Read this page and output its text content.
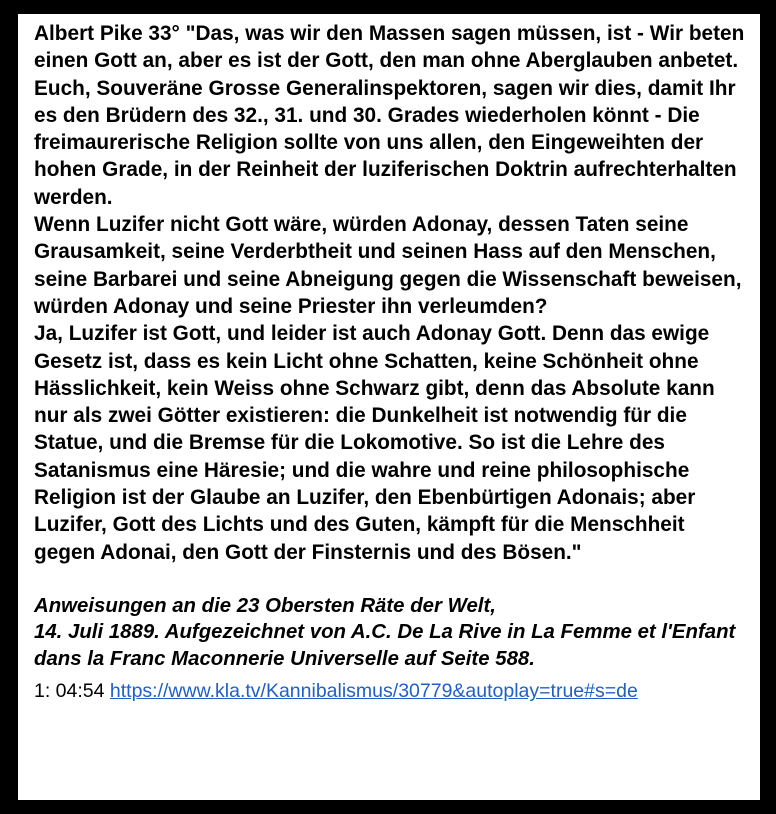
Albert Pike 33° "Das, was wir den Massen sagen müssen, ist - Wir beten einen Gott an, aber es ist der Gott, den man ohne Aberglauben anbetet. Euch, Souveräne Grosse Generalinspektoren, sagen wir dies, damit Ihr es den Brüdern des 32., 31. und 30. Grades wiederholen könnt - Die freimaurerische Religion sollte von uns allen, den Eingeweihten der hohen Grade, in der Reinheit der luziferischen Doktrin aufrechterhalten werden.

Wenn Luzifer nicht Gott wäre, würden Adonay, dessen Taten seine Grausamkeit, seine Verderbtheit und seinen Hass auf den Menschen, seine Barbarei und seine Abneigung gegen die Wissenschaft beweisen, würden Adonay und seine Priester ihn verleumden?

Ja, Luzifer ist Gott, und leider ist auch Adonay Gott. Denn das ewige Gesetz ist, dass es kein Licht ohne Schatten, keine Schönheit ohne Hässlichkeit, kein Weiss ohne Schwarz gibt, denn das Absolute kann nur als zwei Götter existieren: die Dunkelheit ist notwendig für die Statue, und die Bremse für die Lokomotive. So ist die Lehre des Satanismus eine Häresie; und die wahre und reine philosophische Religion ist der Glaube an Luzifer, den Ebenbürtigen Adonais; aber Luzifer, Gott des Lichts und des Guten, kämpft für die Menschheit gegen Adonai, den Gott der Finsternis und des Bösen."

Anweisungen an die 23 Obersten Räte der Welt,

14. Juli 1889. Aufgezeichnet von A.C. De La Rive in La Femme et l'Enfant dans la Franc Maconnerie Universelle auf Seite 588.

1: 04:54 https://www.kla.tv/Kannibalismus/30779&autoplay=true#s=de
